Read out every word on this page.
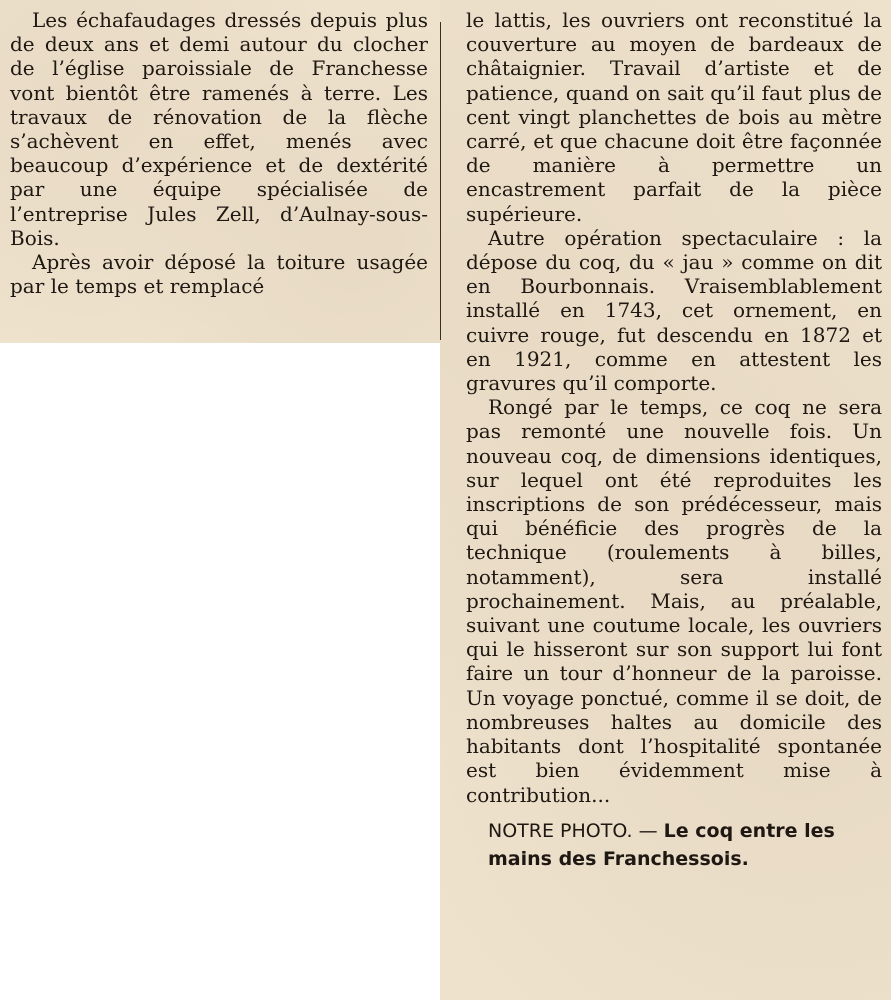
Les échafaudages dressés depuis plus de deux ans et demi autour du clocher de l’église paroissiale de Franchesse vont bientôt être ramenés à terre. Les travaux de rénovation de la flèche s’achèvent en effet, menés avec beaucoup d’expérience et de dextérité par une équipe spécialisée de l’entreprise Jules Zell, d’Aulnay-sous-Bois.

Après avoir déposé la toiture usagée par le temps et remplacé

le lattis, les ouvriers ont reconstitué la couverture au moyen de bardeaux de châtaignier. Travail d’artiste et de patience, quand on sait qu’il faut plus de cent vingt planchettes de bois au mètre carré, et que chacune doit être façonnée de manière à permettre un encastrement parfait de la pièce supérieure.

Autre opération spectaculaire : la dépose du coq, du « jau » comme on dit en Bourbonnais. Vraisemblablement installé en 1743, cet ornement, en cuivre rouge, fut descendu en 1872 et en 1921, comme en attestent les gravures qu’il comporte.

Rongé par le temps, ce coq ne sera pas remonté une nouvelle fois. Un nouveau coq, de dimensions identiques, sur lequel ont été reproduites les inscriptions de son prédécesseur, mais qui bénéficie des progrès de la technique (roulements à billes, notamment), sera installé prochainement. Mais, au préalable, suivant une coutume locale, les ouvriers qui le hisseront sur son support lui font faire un tour d’honneur de la paroisse. Un voyage ponctué, comme il se doit, de nombreuses haltes au domicile des habitants dont l’hospitalité spontanée est bien évidemment mise à contribution...

NOTRE PHOTO. — Le coq entre les mains des Franchessois.
